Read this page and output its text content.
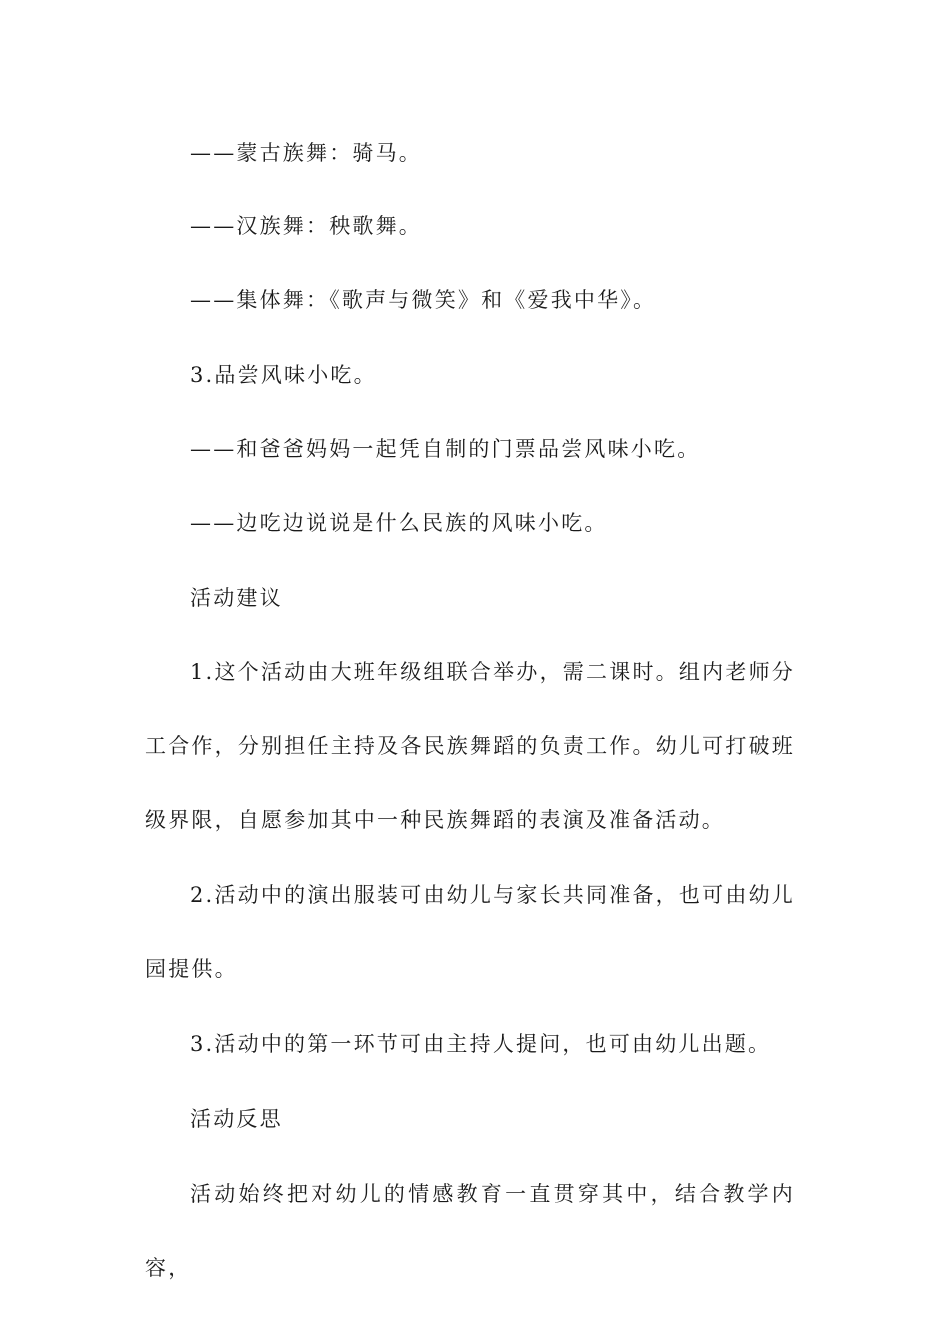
——蒙古族舞：骑马。

——汉族舞：秧歌舞。

——集体舞：《歌声与微笑》和《爱我中华》。

3.品尝风味小吃。

——和爸爸妈妈一起凭自制的门票品尝风味小吃。

——边吃边说说是什么民族的风味小吃。

活动建议

1.这个活动由大班年级组联合举办，需二课时。组内老师分工合作，分别担任主持及各民族舞蹈的负责工作。幼儿可打破班级界限，自愿参加其中一种民族舞蹈的表演及准备活动。

2.活动中的演出服装可由幼儿与家长共同准备，也可由幼儿园提供。

3.活动中的第一环节可由主持人提问，也可由幼儿出题。

活动反思

活动始终把对幼儿的情感教育一直贯穿其中，结合教学内容，
